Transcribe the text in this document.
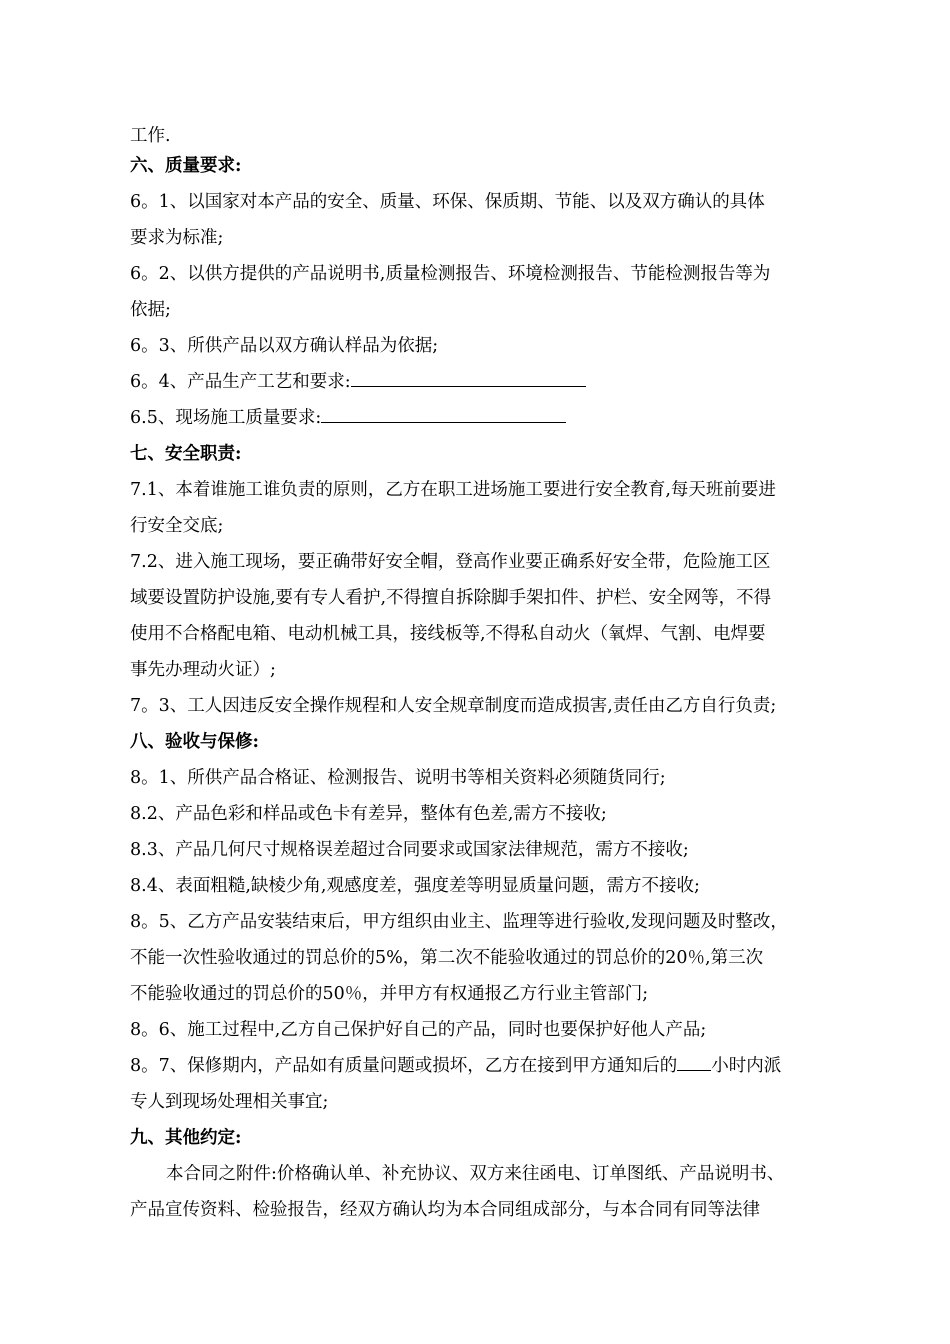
工作.
六、质量要求:
6。1、以国家对本产品的安全、质量、环保、保质期、节能、以及双方确认的具体
要求为标准;
6。2、以供方提供的产品说明书,质量检测报告、环境检测报告、节能检测报告等为
依据;
6。3、所供产品以双方确认样品为依据;
6。4、产品生产工艺和要求:
6.5、现场施工质量要求:
七、安全职责:
7.1、本着谁施工谁负责的原则，乙方在职工进场施工要进行安全教育,每天班前要进
行安全交底;
7.2、进入施工现场，要正确带好安全帽，登高作业要正确系好安全带，危险施工区
域要设置防护设施,要有专人看护,不得擅自拆除脚手架扣件、护栏、安全网等，不得
使用不合格配电箱、电动机械工具，接线板等,不得私自动火（氧焊、气割、电焊要
事先办理动火证）;
7。3、工人因违反安全操作规程和人安全规章制度而造成损害,责任由乙方自行负责;
八、验收与保修:
8。1、所供产品合格证、检测报告、说明书等相关资料必须随货同行;
8.2、产品色彩和样品或色卡有差异，整体有色差,需方不接收;
8.3、产品几何尺寸规格误差超过合同要求或国家法律规范，需方不接收;
8.4、表面粗糙,缺棱少角,观感度差，强度差等明显质量问题，需方不接收;
8。5、乙方产品安装结束后，甲方组织由业主、监理等进行验收,发现问题及时整改，
不能一次性验收通过的罚总价的5%，第二次不能验收通过的罚总价的20％,第三次
不能验收通过的罚总价的50％，并甲方有权通报乙方行业主管部门;
8。6、施工过程中,乙方自己保护好自己的产品，同时也要保护好他人产品;
8。7、保修期内，产品如有质量问题或损坏，乙方在接到甲方通知后的 小时内派
专人到现场处理相关事宜;
九、其他约定:
本合同之附件:价格确认单、补充协议、双方来往函电、订单图纸、产品说明书、
产品宣传资料、检验报告，经双方确认均为本合同组成部分，与本合同有同等法律
